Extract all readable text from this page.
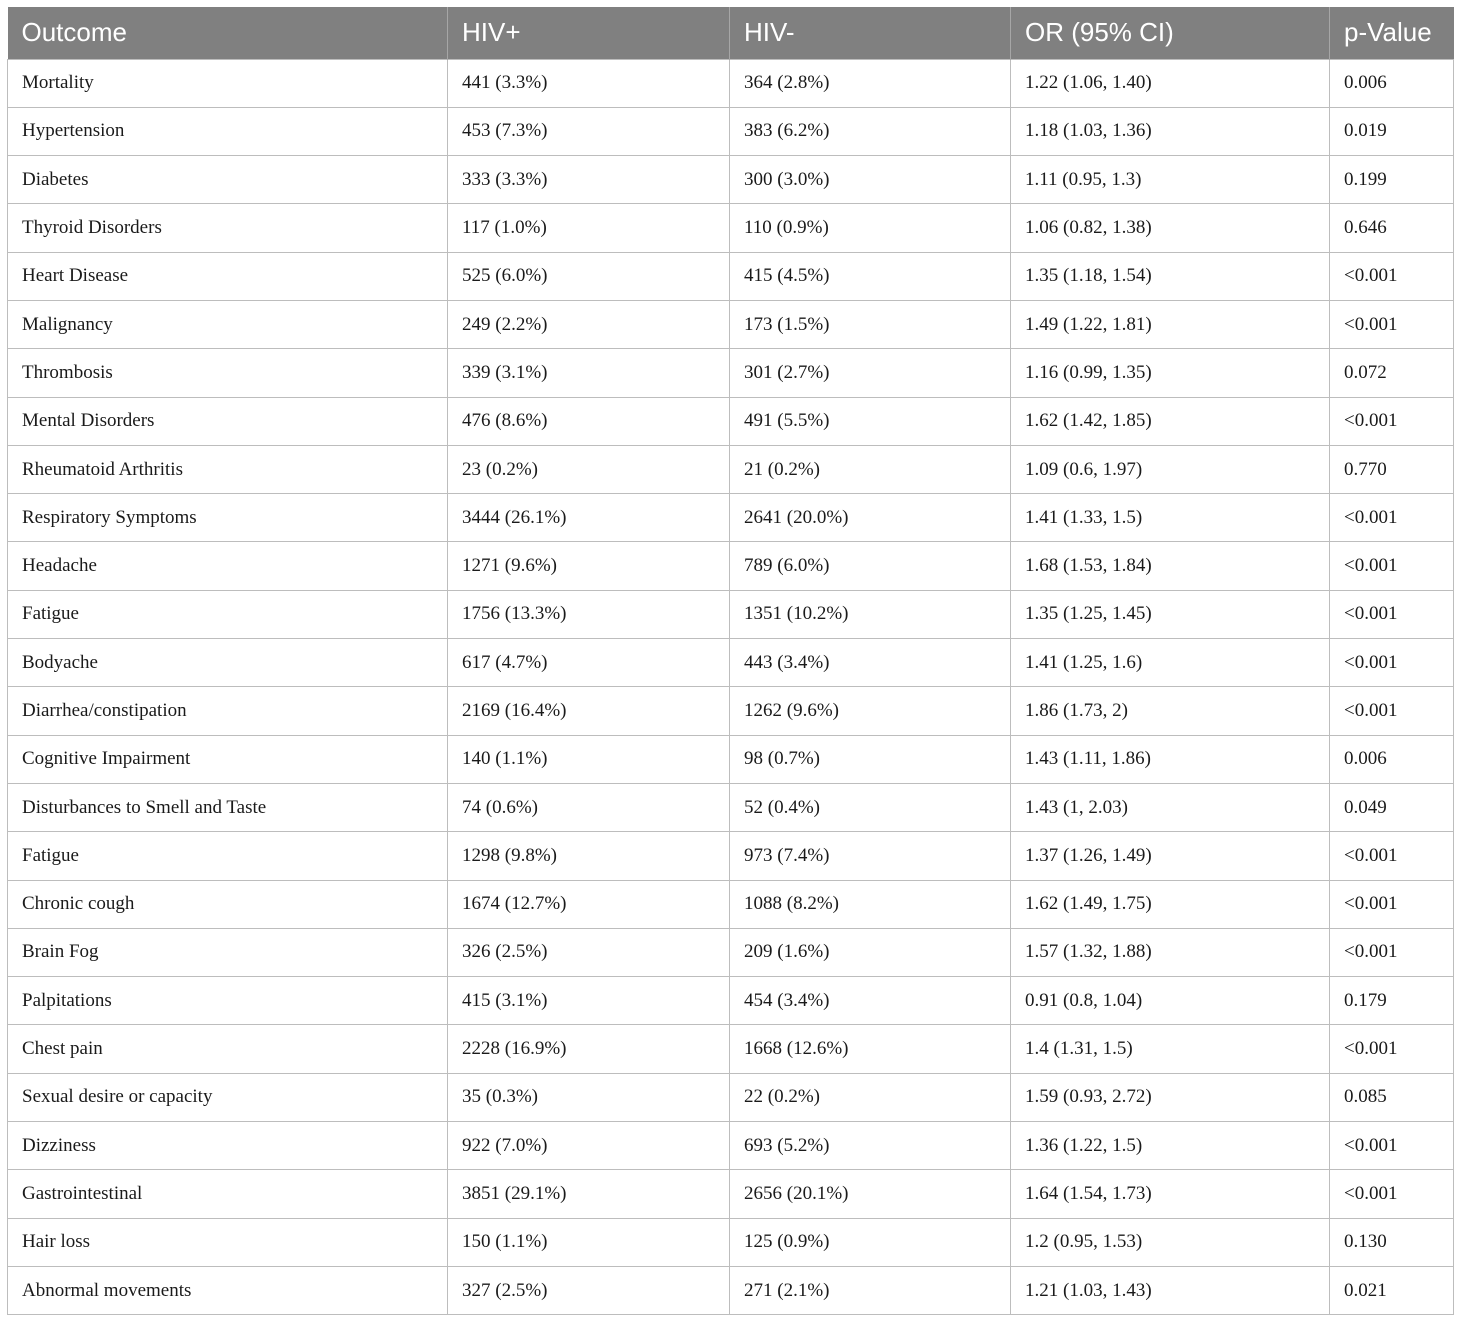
Outcome	HIV+	HIV-	OR (95% CI)	p-Value
Mortality	441 (3.3%)	364 (2.8%)	1.22 (1.06, 1.40)	0.006
Hypertension	453 (7.3%)	383 (6.2%)	1.18 (1.03, 1.36)	0.019
Diabetes	333 (3.3%)	300 (3.0%)	1.11 (0.95, 1.3)	0.199
Thyroid Disorders	117 (1.0%)	110 (0.9%)	1.06 (0.82, 1.38)	0.646
Heart Disease	525 (6.0%)	415 (4.5%)	1.35 (1.18, 1.54)	<0.001
Malignancy	249 (2.2%)	173 (1.5%)	1.49 (1.22, 1.81)	<0.001
Thrombosis	339 (3.1%)	301 (2.7%)	1.16 (0.99, 1.35)	0.072
Mental Disorders	476 (8.6%)	491 (5.5%)	1.62 (1.42, 1.85)	<0.001
Rheumatoid Arthritis	23 (0.2%)	21 (0.2%)	1.09 (0.6, 1.97)	0.770
Respiratory Symptoms	3444 (26.1%)	2641 (20.0%)	1.41 (1.33, 1.5)	<0.001
Headache	1271 (9.6%)	789 (6.0%)	1.68 (1.53, 1.84)	<0.001
Fatigue	1756 (13.3%)	1351 (10.2%)	1.35 (1.25, 1.45)	<0.001
Bodyache	617 (4.7%)	443 (3.4%)	1.41 (1.25, 1.6)	<0.001
Diarrhea/constipation	2169 (16.4%)	1262 (9.6%)	1.86 (1.73, 2)	<0.001
Cognitive Impairment	140 (1.1%)	98 (0.7%)	1.43 (1.11, 1.86)	0.006
Disturbances to Smell and Taste	74 (0.6%)	52 (0.4%)	1.43 (1, 2.03)	0.049
Fatigue	1298 (9.8%)	973 (7.4%)	1.37 (1.26, 1.49)	<0.001
Chronic cough	1674 (12.7%)	1088 (8.2%)	1.62 (1.49, 1.75)	<0.001
Brain Fog	326 (2.5%)	209 (1.6%)	1.57 (1.32, 1.88)	<0.001
Palpitations	415 (3.1%)	454 (3.4%)	0.91 (0.8, 1.04)	0.179
Chest pain	2228 (16.9%)	1668 (12.6%)	1.4 (1.31, 1.5)	<0.001
Sexual desire or capacity	35 (0.3%)	22 (0.2%)	1.59 (0.93, 2.72)	0.085
Dizziness	922 (7.0%)	693 (5.2%)	1.36 (1.22, 1.5)	<0.001
Gastrointestinal	3851 (29.1%)	2656 (20.1%)	1.64 (1.54, 1.73)	<0.001
Hair loss	150 (1.1%)	125 (0.9%)	1.2 (0.95, 1.53)	0.130
Abnormal movements	327 (2.5%)	271 (2.1%)	1.21 (1.03, 1.43)	0.021
